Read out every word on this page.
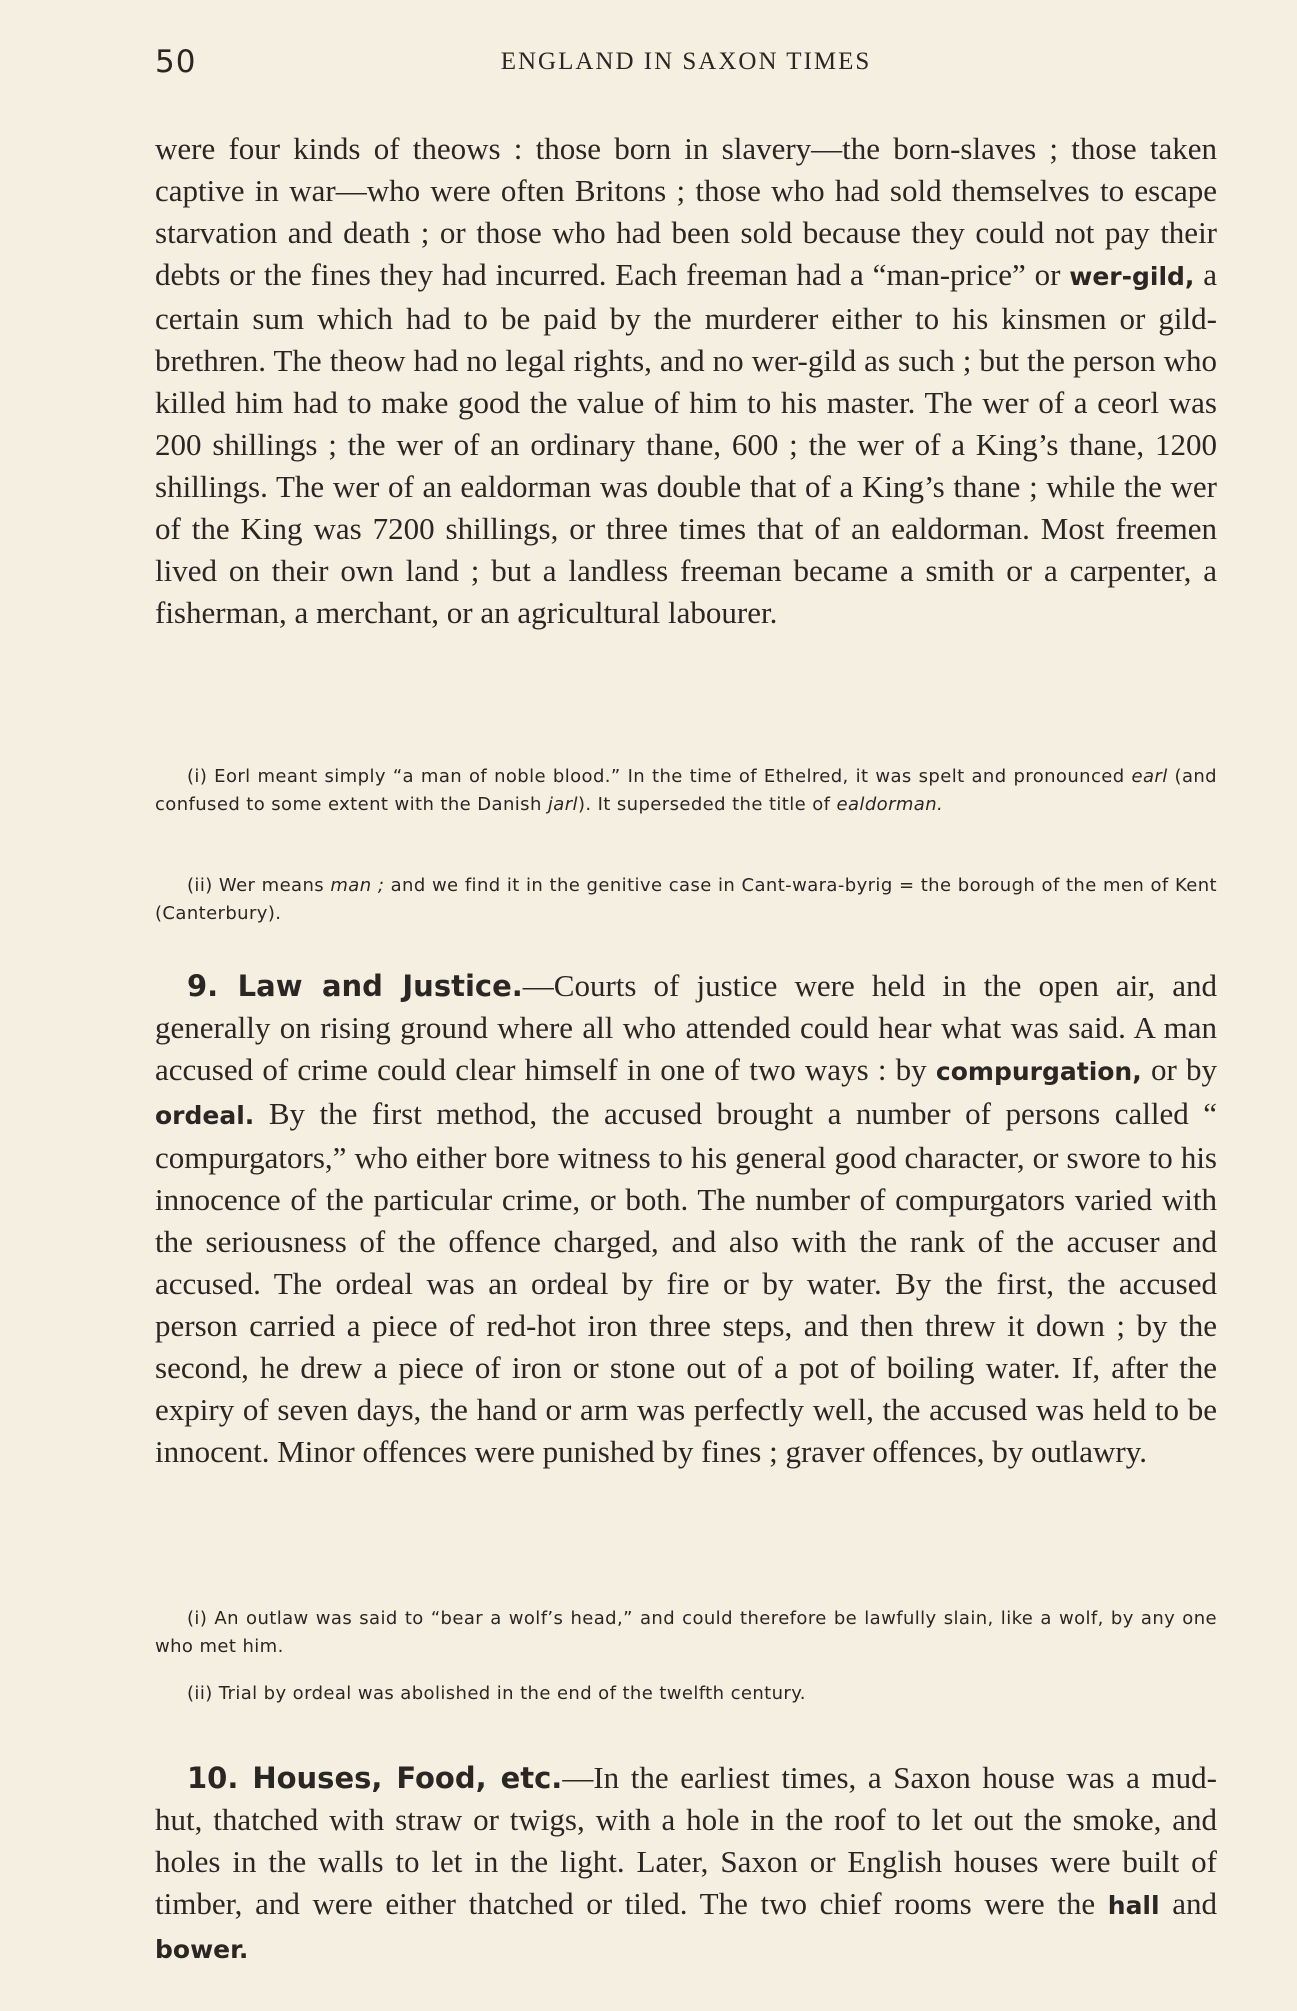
50	ENGLAND IN SAXON TIMES

were four kinds of theows : those born in slavery—the born-slaves ; those taken captive in war—who were often Britons ; those who had sold themselves to escape starvation and death ; or those who had been sold because they could not pay their debts or the fines they had incurred. Each freeman had a “man-price” or wer-gild, a certain sum which had to be paid by the murderer either to his kinsmen or gild-brethren. The theow had no legal rights, and no wer-gild as such ; but the person who killed him had to make good the value of him to his master. The wer of a ceorl was 200 shillings ; the wer of an ordinary thane, 600 ; the wer of a King’s thane, 1200 shillings. The wer of an ealdorman was double that of a King’s thane ; while the wer of the King was 7200 shillings, or three times that of an ealdorman. Most freemen lived on their own land ; but a landless freeman became a smith or a carpenter, a fisherman, a merchant, or an agricultural labourer.

(i) Eorl meant simply “a man of noble blood.” In the time of Ethelred, it was spelt and pronounced earl (and confused to some extent with the Danish jarl). It superseded the title of ealdorman.

(ii) Wer means man ; and we find it in the genitive case in Cant-wara-byrig = the borough of the men of Kent (Canterbury).

9. Law and Justice.—Courts of justice were held in the open air, and generally on rising ground where all who attended could hear what was said. A man accused of crime could clear himself in one of two ways : by compurgation, or by ordeal. By the first method, the accused brought a number of persons called “ compurgators,” who either bore witness to his general good character, or swore to his innocence of the particular crime, or both. The number of compurgators varied with the seriousness of the offence charged, and also with the rank of the accuser and accused. The ordeal was an ordeal by fire or by water. By the first, the accused person carried a piece of red-hot iron three steps, and then threw it down ; by the second, he drew a piece of iron or stone out of a pot of boiling water. If, after the expiry of seven days, the hand or arm was perfectly well, the accused was held to be innocent. Minor offences were punished by fines ; graver offences, by outlawry.

(i) An outlaw was said to “bear a wolf’s head,” and could therefore be lawfully slain, like a wolf, by any one who met him.

(ii) Trial by ordeal was abolished in the end of the twelfth century.

10. Houses, Food, etc.—In the earliest times, a Saxon house was a mud-hut, thatched with straw or twigs, with a hole in the roof to let out the smoke, and holes in the walls to let in the light. Later, Saxon or English houses were built of timber, and were either thatched or tiled. The two chief rooms were the hall and bower.
